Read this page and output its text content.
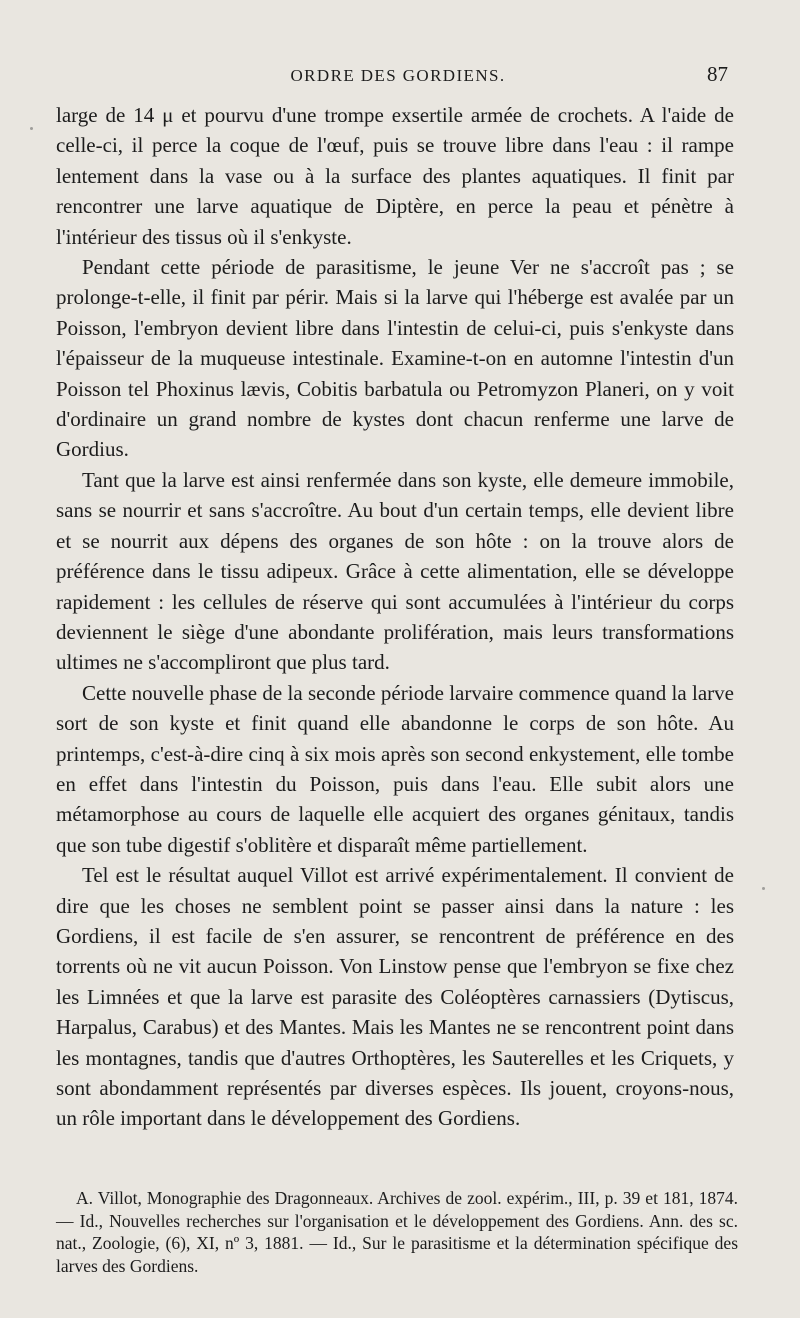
ORDRE DES GORDIENS.	87

large de 14 μ et pourvu d'une trompe exsertile armée de crochets. A l'aide de celle-ci, il perce la coque de l'œuf, puis se trouve libre dans l'eau : il rampe lentement dans la vase ou à la surface des plantes aquatiques. Il finit par rencontrer une larve aquatique de Diptère, en perce la peau et pénètre à l'intérieur des tissus où il s'enkyste.

Pendant cette période de parasitisme, le jeune Ver ne s'accroît pas ; se prolonge-t-elle, il finit par périr. Mais si la larve qui l'héberge est avalée par un Poisson, l'embryon devient libre dans l'intestin de celui-ci, puis s'enkyste dans l'épaisseur de la muqueuse intestinale. Examine-t-on en automne l'intestin d'un Poisson tel Phoxinus lævis, Cobitis barbatula ou Petromyzon Planeri, on y voit d'ordinaire un grand nombre de kystes dont chacun renferme une larve de Gordius.

Tant que la larve est ainsi renfermée dans son kyste, elle demeure immobile, sans se nourrir et sans s'accroître. Au bout d'un certain temps, elle devient libre et se nourrit aux dépens des organes de son hôte : on la trouve alors de préférence dans le tissu adipeux. Grâce à cette alimentation, elle se développe rapidement : les cellules de réserve qui sont accumulées à l'intérieur du corps deviennent le siège d'une abondante prolifération, mais leurs transformations ultimes ne s'accompliront que plus tard.

Cette nouvelle phase de la seconde période larvaire commence quand la larve sort de son kyste et finit quand elle abandonne le corps de son hôte. Au printemps, c'est-à-dire cinq à six mois après son second enkystement, elle tombe en effet dans l'intestin du Poisson, puis dans l'eau. Elle subit alors une métamorphose au cours de laquelle elle acquiert des organes génitaux, tandis que son tube digestif s'oblitère et disparaît même partiellement.

Tel est le résultat auquel Villot est arrivé expérimentalement. Il convient de dire que les choses ne semblent point se passer ainsi dans la nature : les Gordiens, il est facile de s'en assurer, se rencontrent de préférence en des torrents où ne vit aucun Poisson. Von Linstow pense que l'embryon se fixe chez les Limnées et que la larve est parasite des Coléoptères carnassiers (Dytiscus, Harpalus, Carabus) et des Mantes. Mais les Mantes ne se rencontrent point dans les montagnes, tandis que d'autres Orthoptères, les Sauterelles et les Criquets, y sont abondamment représentés par diverses espèces. Ils jouent, croyons-nous, un rôle important dans le développement des Gordiens.

A. Villot, Monographie des Dragonneaux. Archives de zool. expérim., III, p. 39 et 181, 1874. — Id., Nouvelles recherches sur l'organisation et le développement des Gordiens. Ann. des sc. nat., Zoologie, (6), XI, nº 3, 1881. — Id., Sur le parasitisme et la détermination spécifique des larves des Gordiens.
